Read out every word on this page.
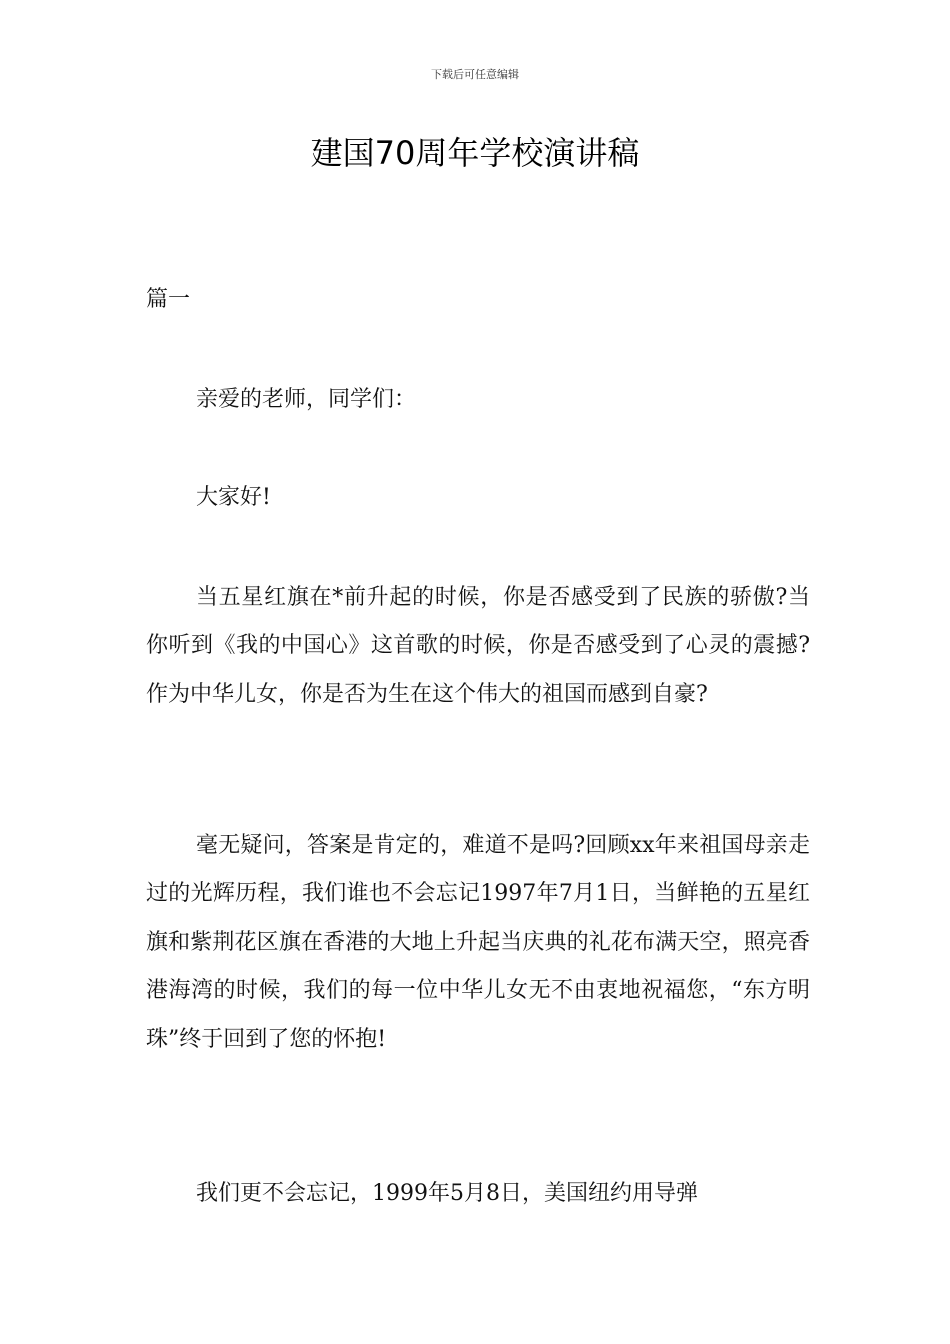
下载后可任意编辑
建国70周年学校演讲稿
篇一

亲爱的老师，同学们：

大家好!

当五星红旗在*前升起的时候，你是否感受到了民族的骄傲?当你听到《我的中国心》这首歌的时候，你是否感受到了心灵的震撼?作为中华儿女，你是否为生在这个伟大的祖国而感到自豪?

毫无疑问，答案是肯定的，难道不是吗?回顾xx年来祖国母亲走过的光辉历程，我们谁也不会忘记1997年7月1日，当鲜艳的五星红旗和紫荆花区旗在香港的大地上升起当庆典的礼花布满天空，照亮香港海湾的时候，我们的每一位中华儿女无不由衷地祝福您，“东方明珠”终于回到了您的怀抱!

我们更不会忘记，1999年5月8日，美国纽约用导弹
